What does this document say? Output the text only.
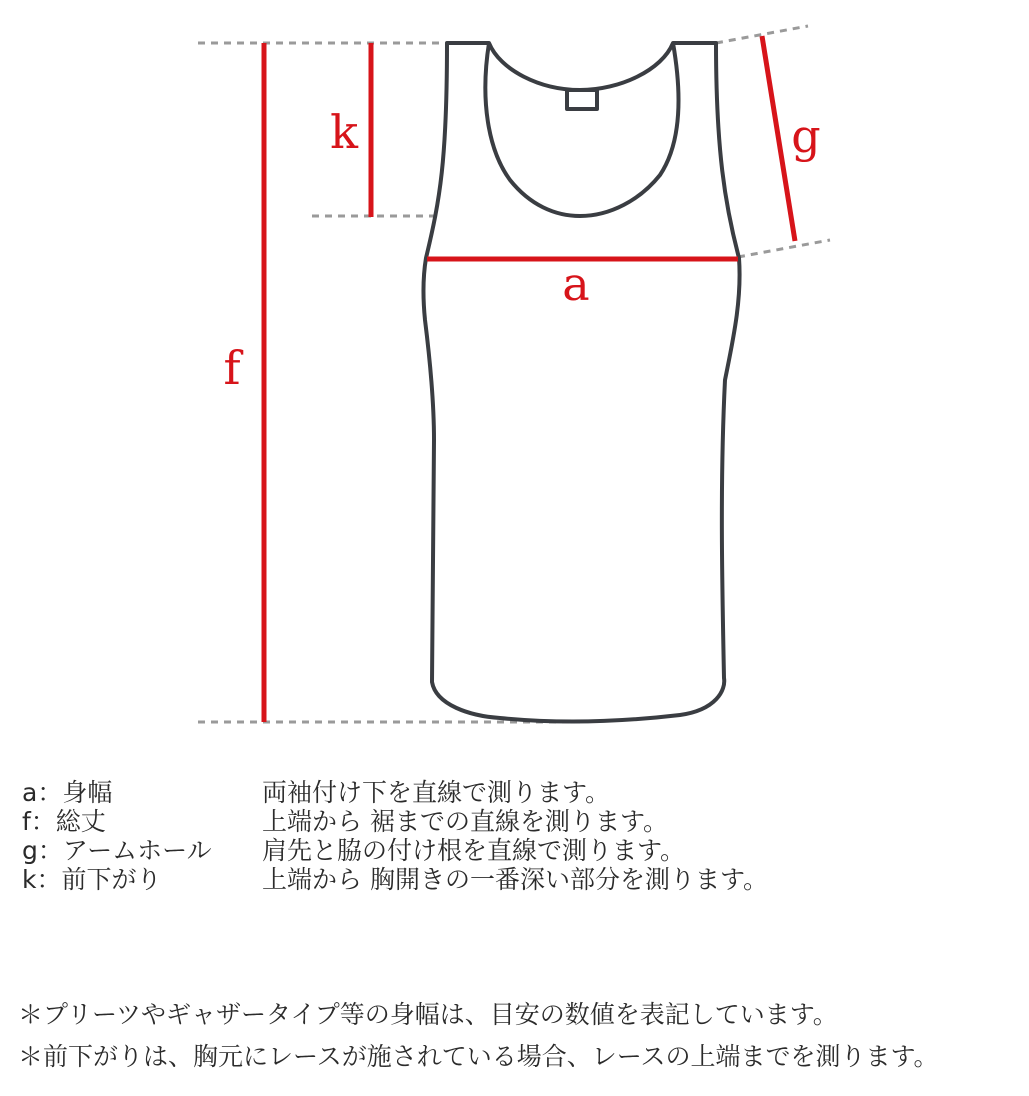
f
k
a
g
a：身幅	両袖付け下を直線で測ります。
f：総丈	上端から 裾までの直線を測ります。
g：アームホール	肩先と脇の付け根を直線で測ります。
k：前下がり	上端から 胸開きの一番深い部分を測ります。
＊プリーツやギャザータイプ等の身幅は、目安の数値を表記しています。
＊前下がりは、胸元にレースが施されている場合、レースの上端までを測ります。
